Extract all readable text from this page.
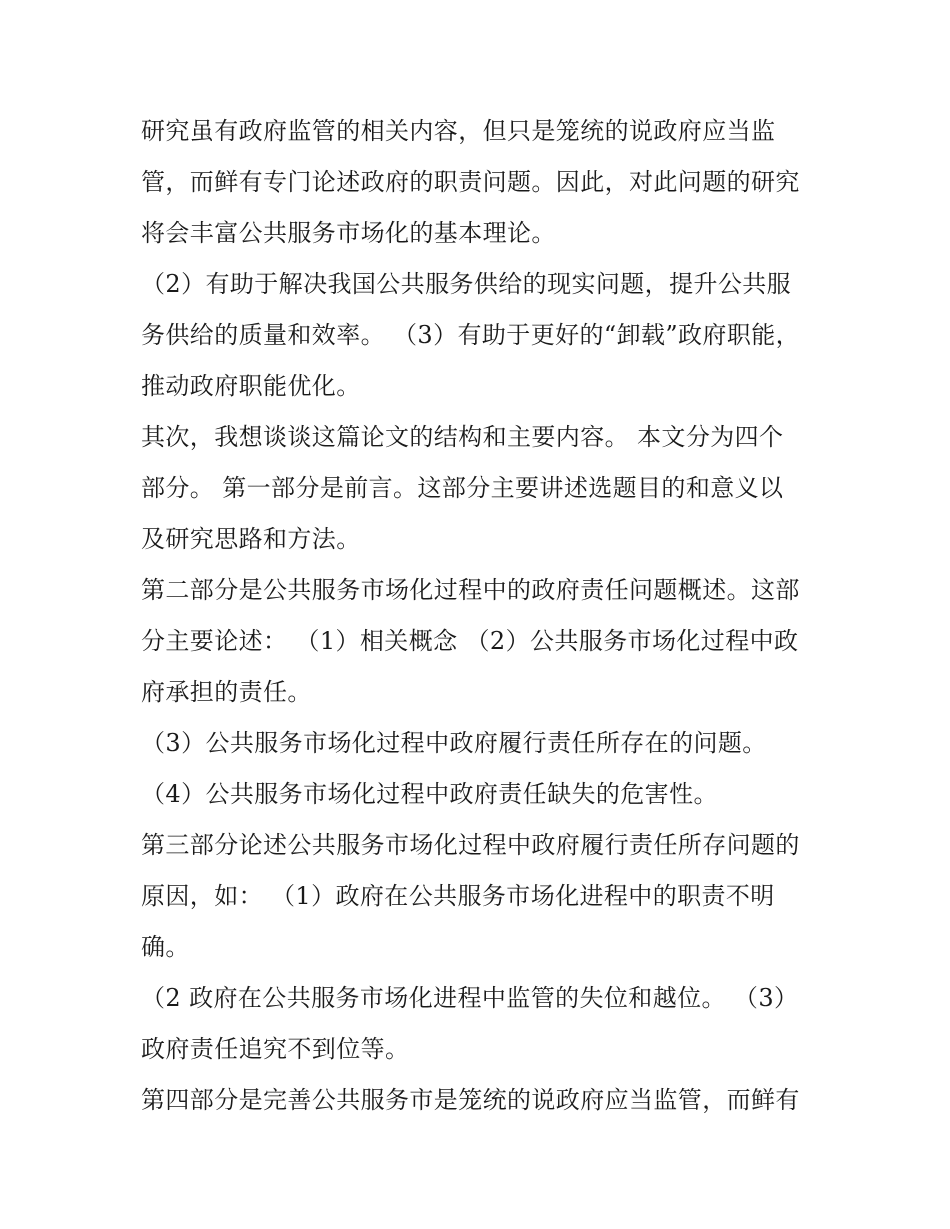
研究虽有政府监管的相关内容，但只是笼统的说政府应当监
管，而鲜有专门论述政府的职责问题。因此，对此问题的研究
将会丰富公共服务市场化的基本理论。
（2）有助于解决我国公共服务供给的现实问题，提升公共服
务供给的质量和效率。 （3）有助于更好的“卸载”政府职能，
推动政府职能优化。
其次，我想谈谈这篇论文的结构和主要内容。 本文分为四个
部分。 第一部分是前言。这部分主要讲述选题目的和意义以
及研究思路和方法。
第二部分是公共服务市场化过程中的政府责任问题概述。这部
分主要论述： （1）相关概念 （2）公共服务市场化过程中政
府承担的责任。
（3）公共服务市场化过程中政府履行责任所存在的问题。
（4）公共服务市场化过程中政府责任缺失的危害性。
第三部分论述公共服务市场化过程中政府履行责任所存问题的
原因，如： （1）政府在公共服务市场化进程中的职责不明
确。
（2 政府在公共服务市场化进程中监管的失位和越位。 （3）
政府责任追究不到位等。
第四部分是完善公共服务市是笼统的说政府应当监管，而鲜有
